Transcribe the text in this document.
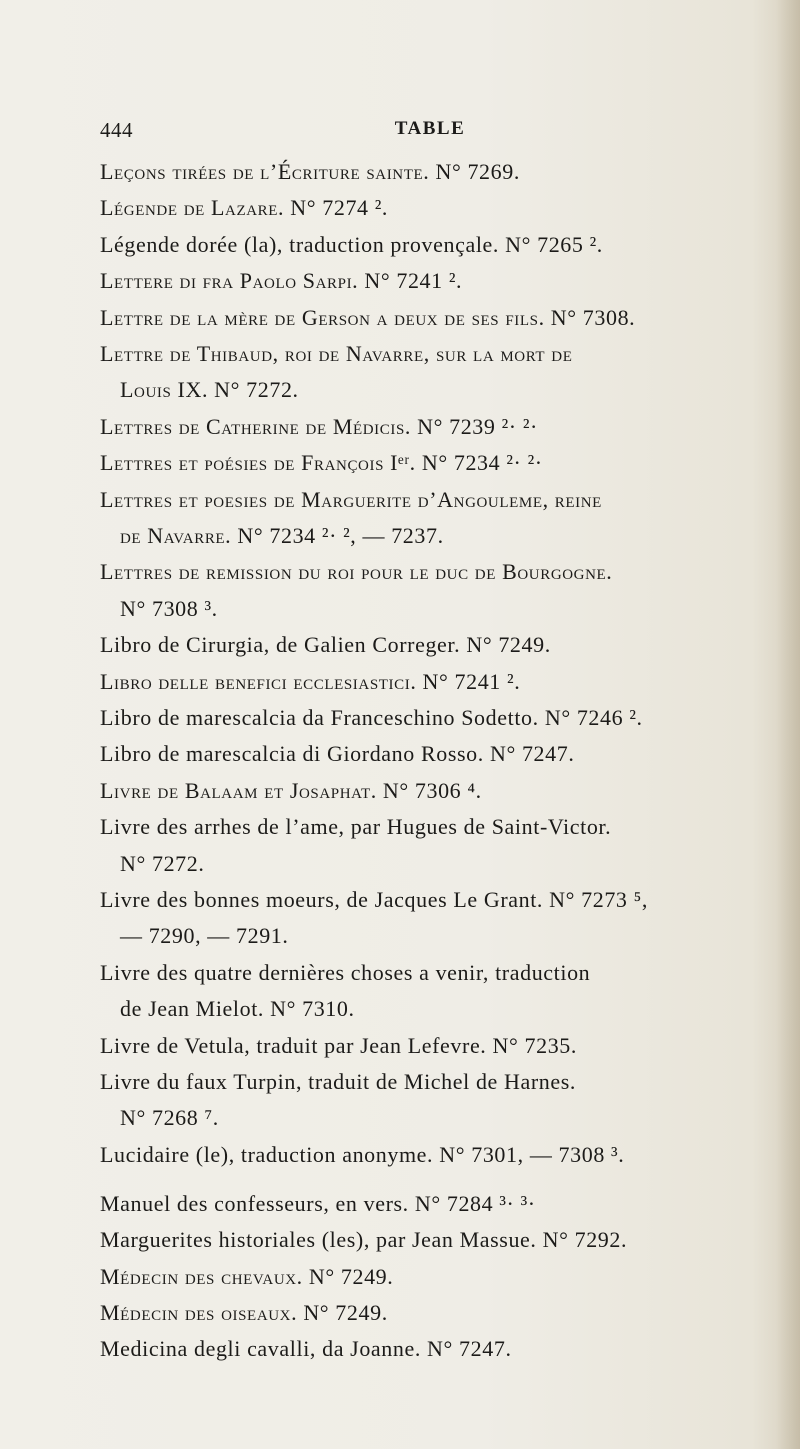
444	TABLE
Leçons tirées de l’Écriture sainte. N° 7269.
Légende de Lazare. N° 7274 ².
Légende dorée (la), traduction provençale. N° 7265 ².
Lettere di fra Paolo Sarpi. N° 7241 ².
Lettre de la mère de Gerson a deux de ses fils. N° 7308.
Lettre de Thibaud, roi de Navarre, sur la mort de
Louis IX. N° 7272.
Lettres de Catherine de Médicis. N° 7239 ²· ²·
Lettres et poésies de François Iᵉʳ. N° 7234 ²· ²·
Lettres et poesies de Marguerite d’Angouleme, reine
de Navarre. N° 7234 ²· ², — 7237.
Lettres de remission du roi pour le duc de Bourgogne.
N° 7308 ³.
Libro de Cirurgia, de Galien Correger. N° 7249.
Libro delle benefici ecclesiastici. N° 7241 ².
Libro de marescalcia da Franceschino Sodetto. N° 7246 ².
Libro de marescalcia di Giordano Rosso. N° 7247.
Livre de Balaam et Josaphat. N° 7306 ⁴.
Livre des arrhes de l’ame, par Hugues de Saint-Victor.
N° 7272.
Livre des bonnes moeurs, de Jacques Le Grant. N° 7273 ⁵,
— 7290, — 7291.
Livre des quatre dernières choses a venir, traduction
de Jean Mielot. N° 7310.
Livre de Vetula, traduit par Jean Lefevre. N° 7235.
Livre du faux Turpin, traduit de Michel de Harnes.
N° 7268 ⁷.
Lucidaire (le), traduction anonyme. N° 7301, — 7308 ³.
Manuel des confesseurs, en vers. N° 7284 ³· ³·
Marguerites historiales (les), par Jean Massue. N° 7292.
Médecin des chevaux. N° 7249.
Médecin des oiseaux. N° 7249.
Medicina degli cavalli, da Joanne. N° 7247.
